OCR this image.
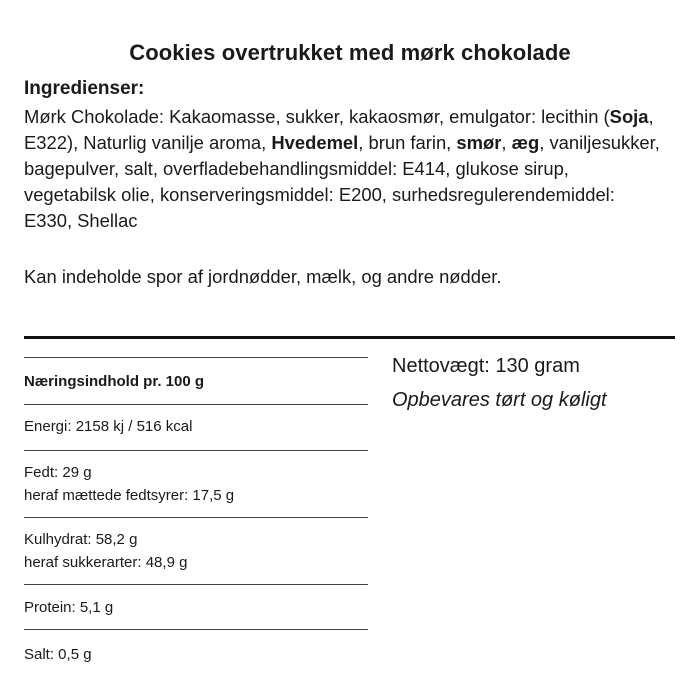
Cookies overtrukket med mørk chokolade
Ingredienser:
Mørk Chokolade: Kakaomasse, sukker, kakaosmør, emulgator: lecithin (Soja, E322), Naturlig vanilje aroma, Hvedemel, brun farin, smør, æg, vaniljesukker, bagepulver, salt, overfladebehandlingsmiddel: E414, glukose sirup, vegetabilsk olie, konserveringsmiddel: E200, surhedsregulerendemiddel: E330, Shellac
Kan indeholde spor af jordnødder, mælk, og andre nødder.
Næringsindhold pr. 100 g
Energi: 2158 kj / 516 kcal
Fedt: 29 g
heraf mættede fedtsyrer: 17,5 g
Kulhydrat: 58,2 g
heraf sukkerarter: 48,9 g
Protein: 5,1 g
Salt: 0,5 g
Nettovægt: 130 gram
Opbevares tørt og køligt
